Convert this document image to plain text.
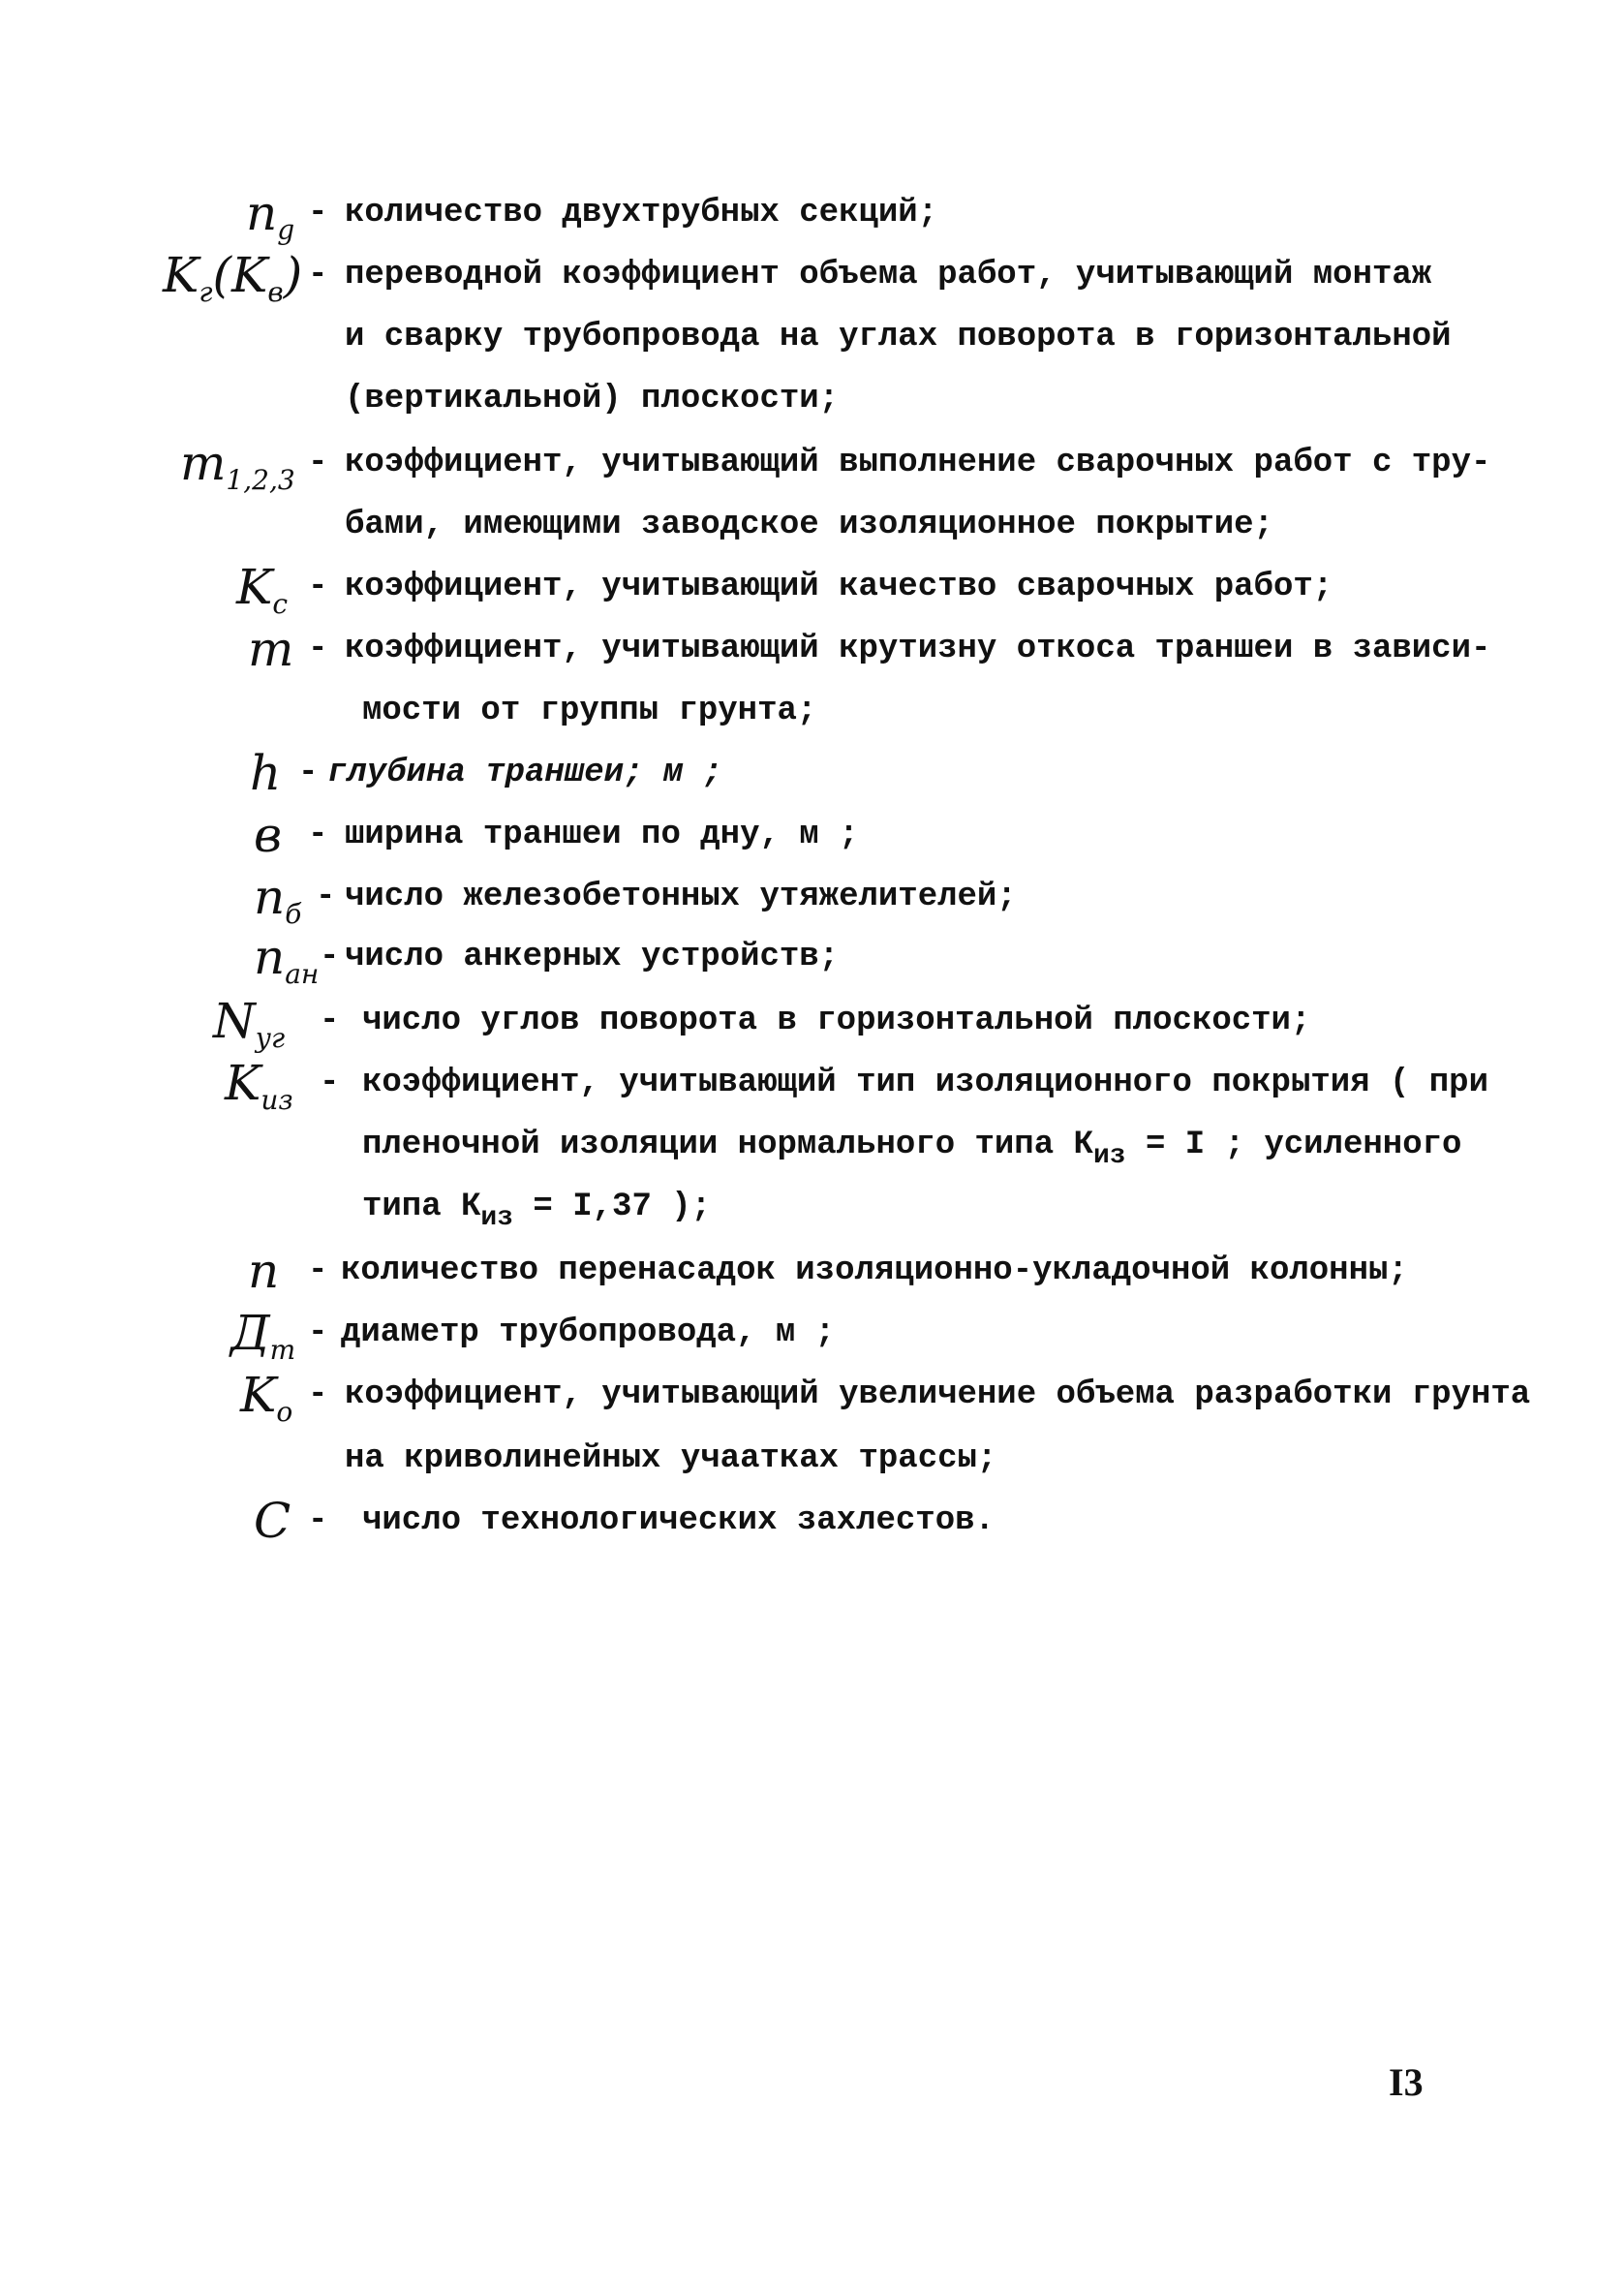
$n_g$ - количество двухтрубных секций;
$K_г(K_в)$ - переводной коэффициент объема работ, учитывающий монтаж
и сварку трубопровода на углах поворота в горизонтальной
(вертикальной) плоскости;
$m_{1,2,3}$ - коэффициент, учитывающий выполнение сварочных работ с тру-
бами, имеющими заводское изоляционное покрытие;
$K_c$ - коэффициент, учитывающий качество сварочных работ;
m - коэффициент, учитывающий крутизну откоса траншеи в завиcи-
мости от группы грунта;
h - глубина траншеи; м ;
в - ширина траншеи по дну, м ;
$n_б$ - число железобетонных утяжелителей;
$n_{ан}$ - число анкерных устройств;
$N_{уг}$ - число углов поворота в горизонтальной плоскости;
$K_{из}$ - коэффициент, учитывающий тип изоляционного покрытия ( при
пленочной изоляции нормального типа $К_{из} = I$ ; усиленного
типа $К_{из} = I,37$ );
n - количество перенасадок изоляционно-укладочной колонны;
$Д_т$ - диаметр трубопровода, м ;
$K_o$ - коэффициент, учитывающий увеличение объема разработки грунта
на криволинейных учаатках трассы;
C - число технологических захлестов.
I3
